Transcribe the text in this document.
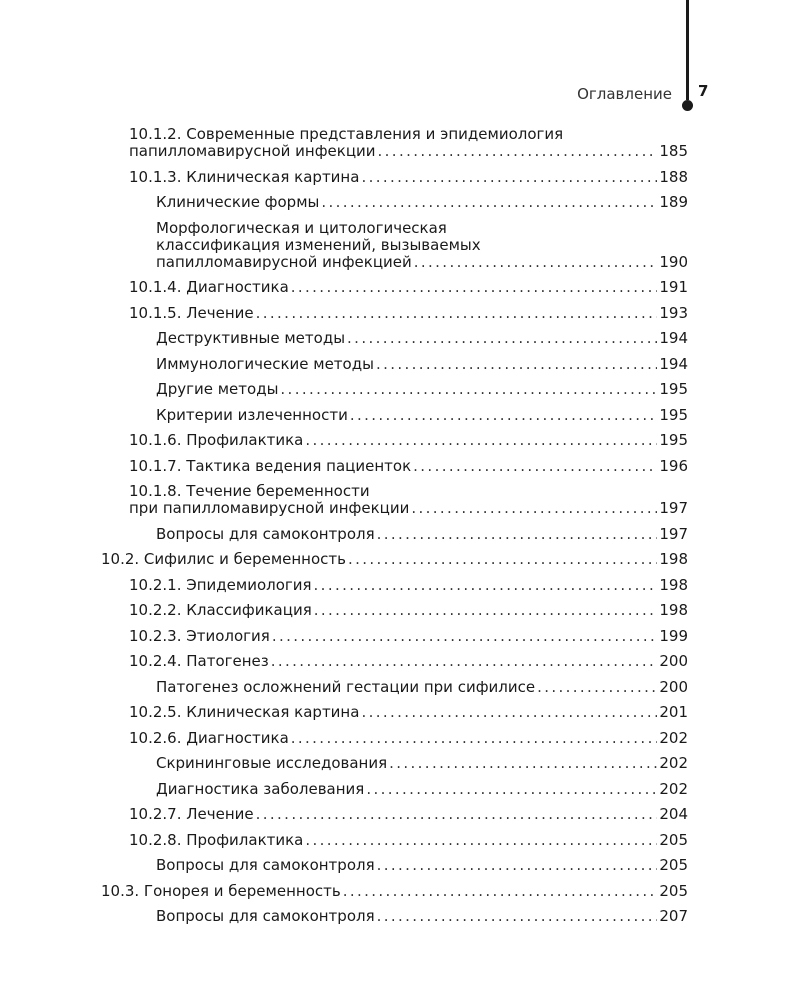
Оглавление 7
10.1.2. Современные представления и эпидемиология
папилломавирусной инфекции . . .	185
10.1.3. Клиническая картина . . .	188
Клинические формы . . .	189
Морфологическая и цитологическая
классификация изменений, вызываемых
папилломавирусной инфекцией . . .	190
10.1.4. Диагностика . . .	191
10.1.5. Лечение . . .	193
Деструктивные методы . . .	194
Иммунологические методы . . .	194
Другие методы . . .	195
Критерии излеченности . . .	195
10.1.6. Профилактика . . .	195
10.1.7. Тактика ведения пациенток . . .	196
10.1.8. Течение беременности
при папилломавирусной инфекции . . .	197
Вопросы для самоконтроля . . .	197
10.2. Сифилис и беременность . . .	198
10.2.1. Эпидемиология . . .	198
10.2.2. Классификация . . .	198
10.2.3. Этиология . . .	199
10.2.4. Патогенез . . .	200
Патогенез осложнений гестации при сифилисе . . .	200
10.2.5. Клиническая картина . . .	201
10.2.6. Диагностика . . .	202
Скрининговые исследования . . .	202
Диагностика заболевания . . .	202
10.2.7. Лечение . . .	204
10.2.8. Профилактика . . .	205
Вопросы для самоконтроля . . .	205
10.3. Гонорея и беременность . . .	205
Вопросы для самоконтроля . . .	207
